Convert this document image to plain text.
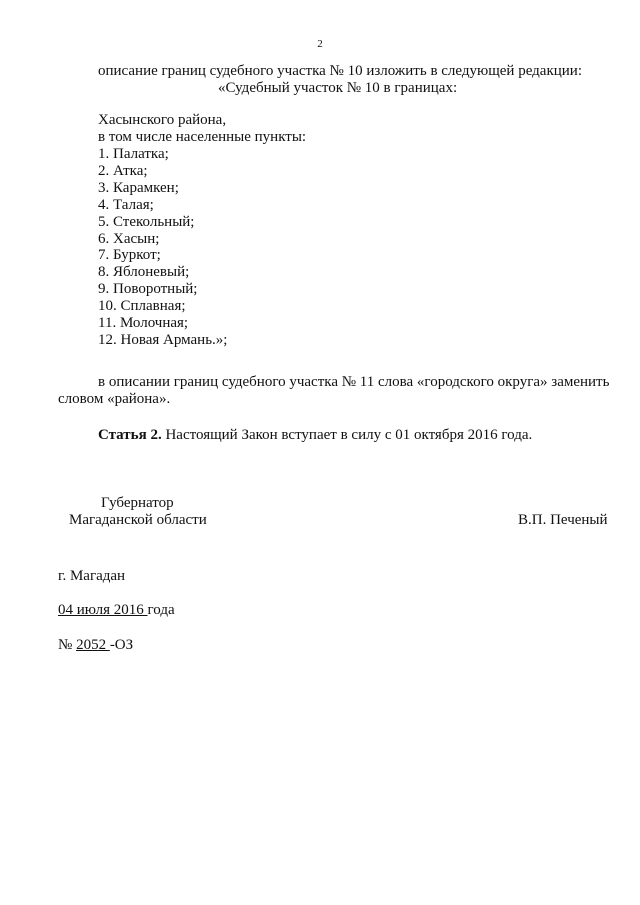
2
описание границ судебного участка № 10 изложить в следующей редакции:
«Судебный участок № 10 в границах:
Хасынского района,
в том числе населенные пункты:
1. Палатка;
2. Атка;
3. Карамкен;
4. Талая;
5. Стекольный;
6. Хасын;
7. Буркот;
8. Яблоневый;
9. Поворотный;
10. Сплавная;
11. Молочная;
12. Новая Армань.»;
в описании границ судебного участка № 11 слова «городского округа» заменить
словом «района».
Статья 2. Настоящий Закон вступает в силу с 01 октября 2016 года.
Губернатор
Магаданской области	В.П. Печеный
г. Магадан
04 июля 2016 года
№ 2052 -ОЗ
